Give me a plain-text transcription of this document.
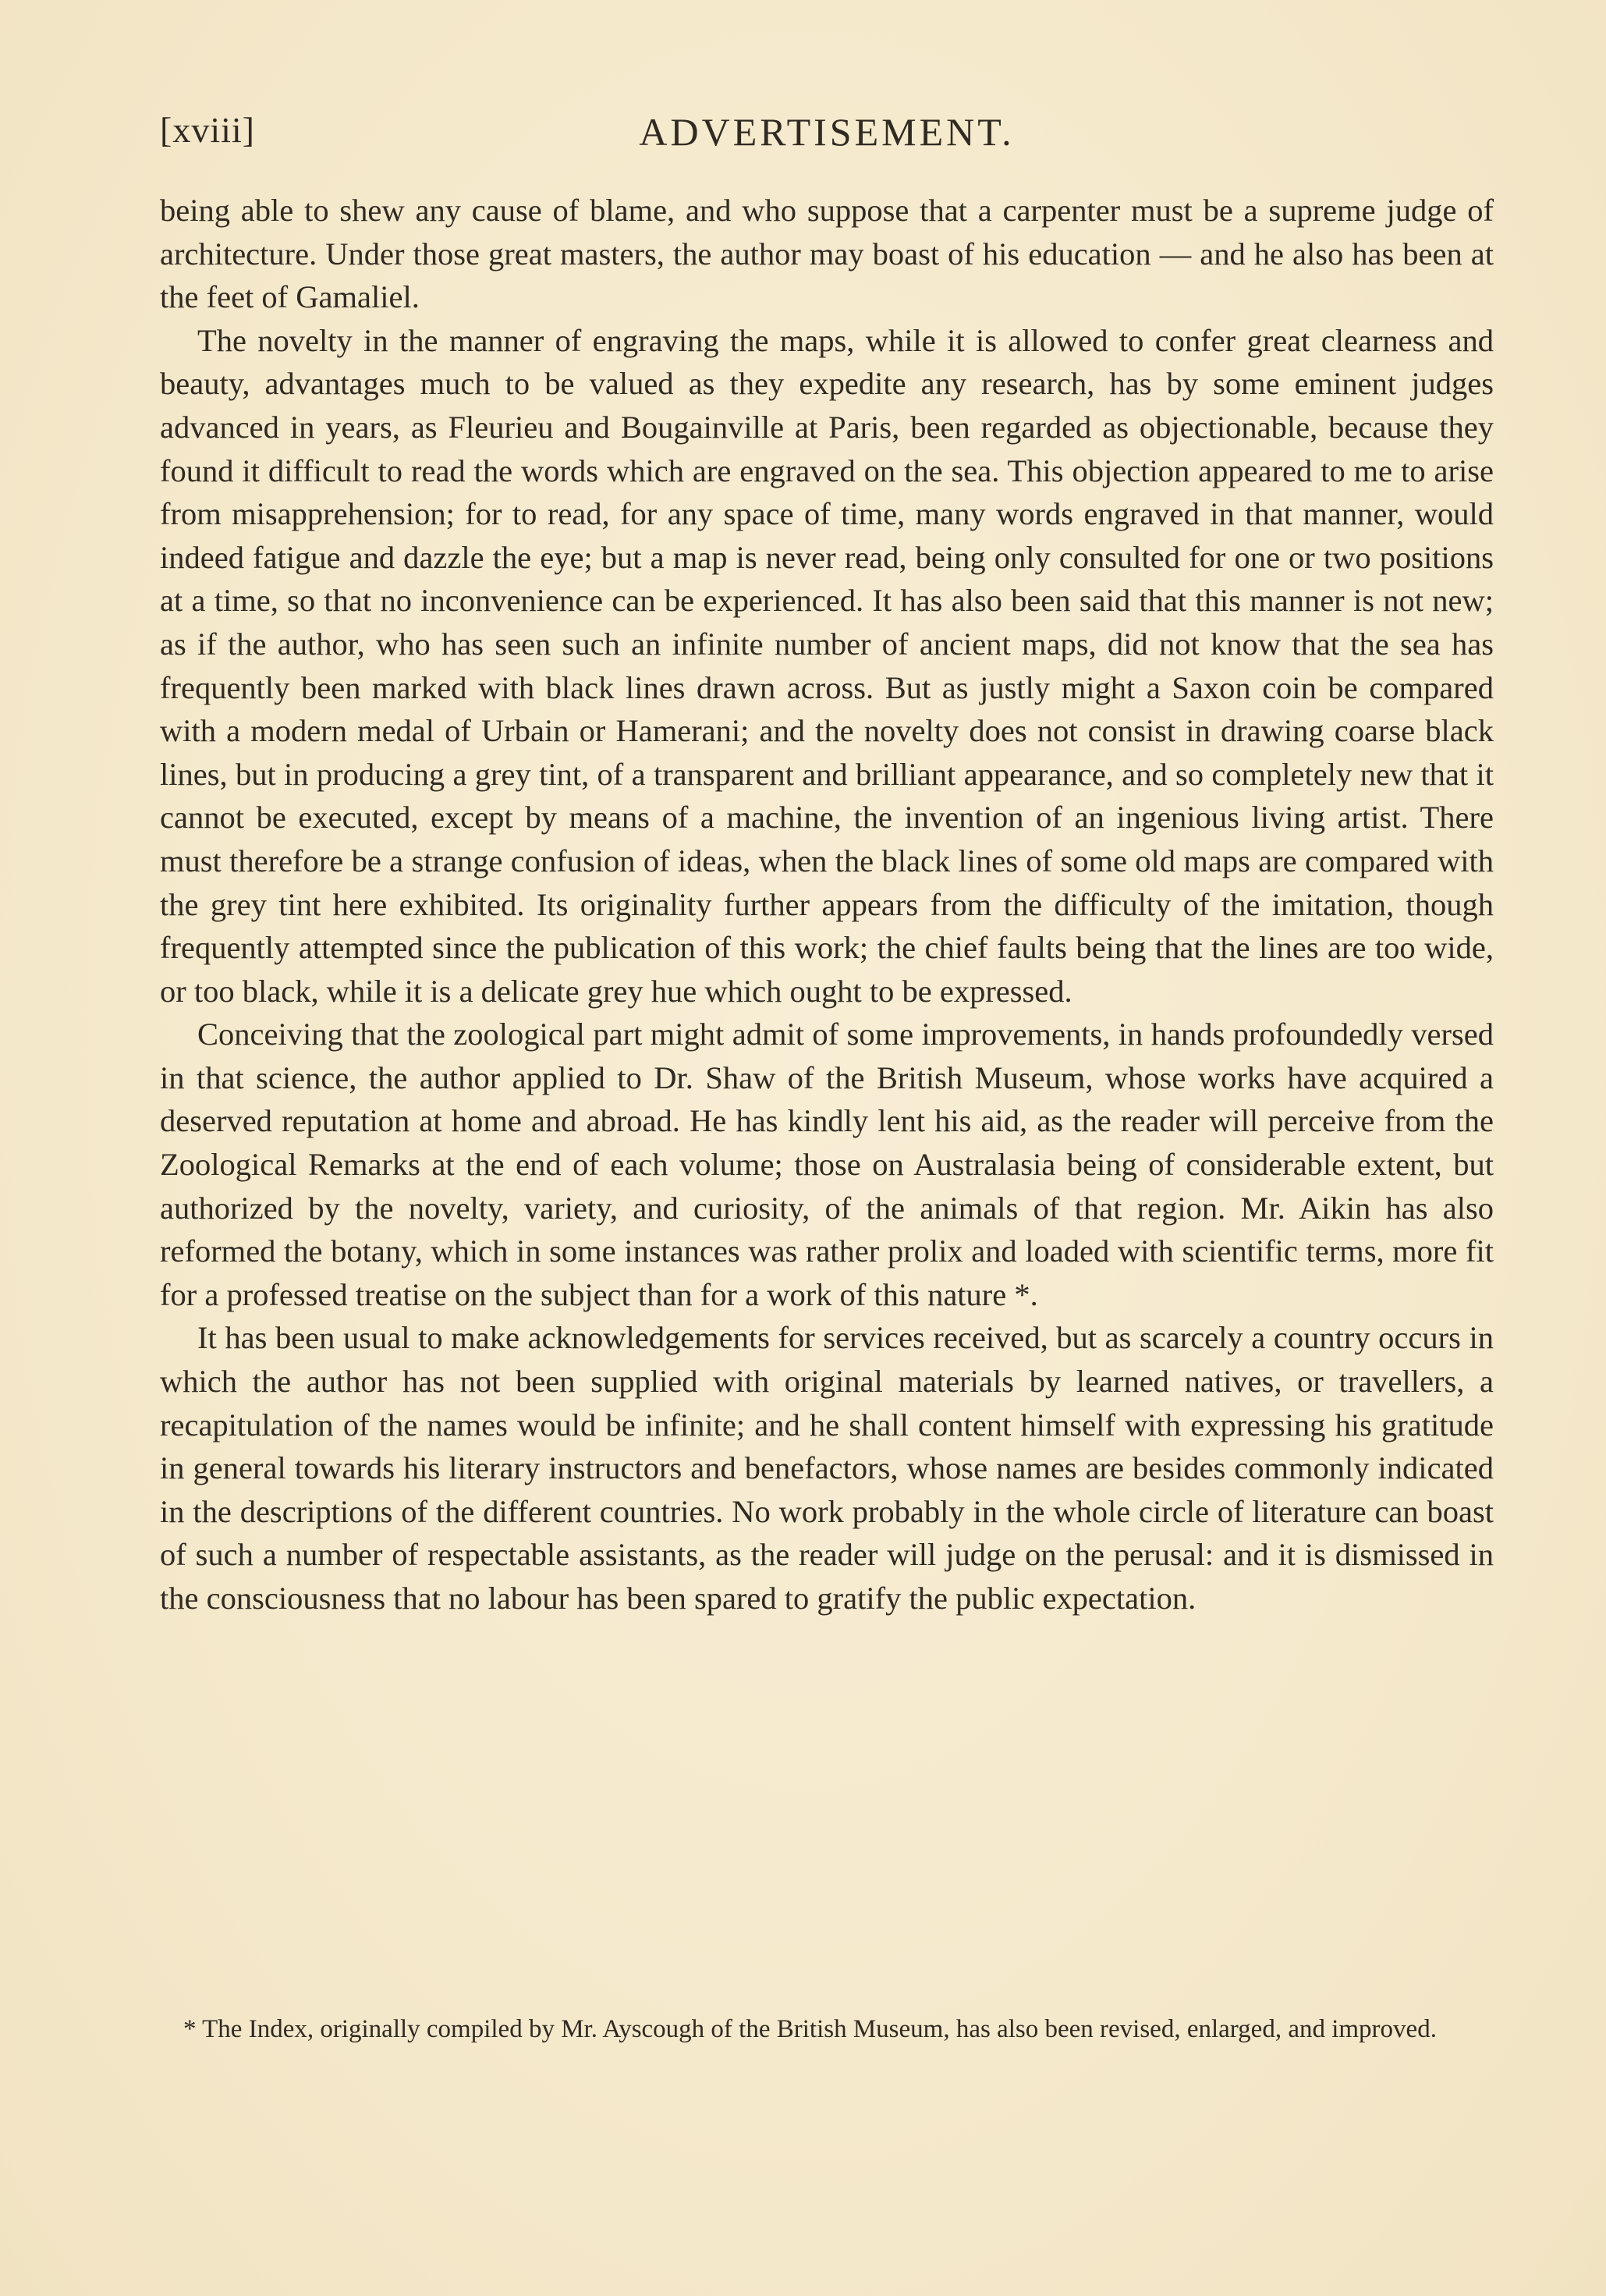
[xviii]	ADVERTISEMENT.

being able to shew any cause of blame, and who suppose that a carpenter must be a supreme judge of architecture. Under those great masters, the author may boast of his education — and he also has been at the feet of Gamaliel.

The novelty in the manner of engraving the maps, while it is allowed to confer great clearness and beauty, advantages much to be valued as they expedite any research, has by some eminent judges advanced in years, as Fleurieu and Bougainville at Paris, been regarded as objectionable, because they found it difficult to read the words which are engraved on the sea. This objection appeared to me to arise from misapprehension; for to read, for any space of time, many words engraved in that manner, would indeed fatigue and dazzle the eye; but a map is never read, being only consulted for one or two positions at a time, so that no inconvenience can be experienced. It has also been said that this manner is not new; as if the author, who has seen such an infinite number of ancient maps, did not know that the sea has frequently been marked with black lines drawn across. But as justly might a Saxon coin be compared with a modern medal of Urbain or Hamerani; and the novelty does not consist in drawing coarse black lines, but in producing a grey tint, of a transparent and brilliant appearance, and so completely new that it cannot be executed, except by means of a machine, the invention of an ingenious living artist. There must therefore be a strange confusion of ideas, when the black lines of some old maps are compared with the grey tint here exhibited. Its originality further appears from the difficulty of the imitation, though frequently attempted since the publication of this work; the chief faults being that the lines are too wide, or too black, while it is a delicate grey hue which ought to be expressed.

Conceiving that the zoological part might admit of some improvements, in hands profoundedly versed in that science, the author applied to Dr. Shaw of the British Museum, whose works have acquired a deserved reputation at home and abroad. He has kindly lent his aid, as the reader will perceive from the Zoological Remarks at the end of each volume; those on Australasia being of considerable extent, but authorized by the novelty, variety, and curiosity, of the animals of that region. Mr. Aikin has also reformed the botany, which in some instances was rather prolix and loaded with scientific terms, more fit for a professed treatise on the subject than for a work of this nature *.

It has been usual to make acknowledgements for services received, but as scarcely a country occurs in which the author has not been supplied with original materials by learned natives, or travellers, a recapitulation of the names would be infinite; and he shall content himself with expressing his gratitude in general towards his literary instructors and benefactors, whose names are besides commonly indicated in the descriptions of the different countries. No work probably in the whole circle of literature can boast of such a number of respectable assistants, as the reader will judge on the perusal: and it is dismissed in the consciousness that no labour has been spared to gratify the public expectation.

* The Index, originally compiled by Mr. Ayscough of the British Museum, has also been revised, enlarged, and improved.
